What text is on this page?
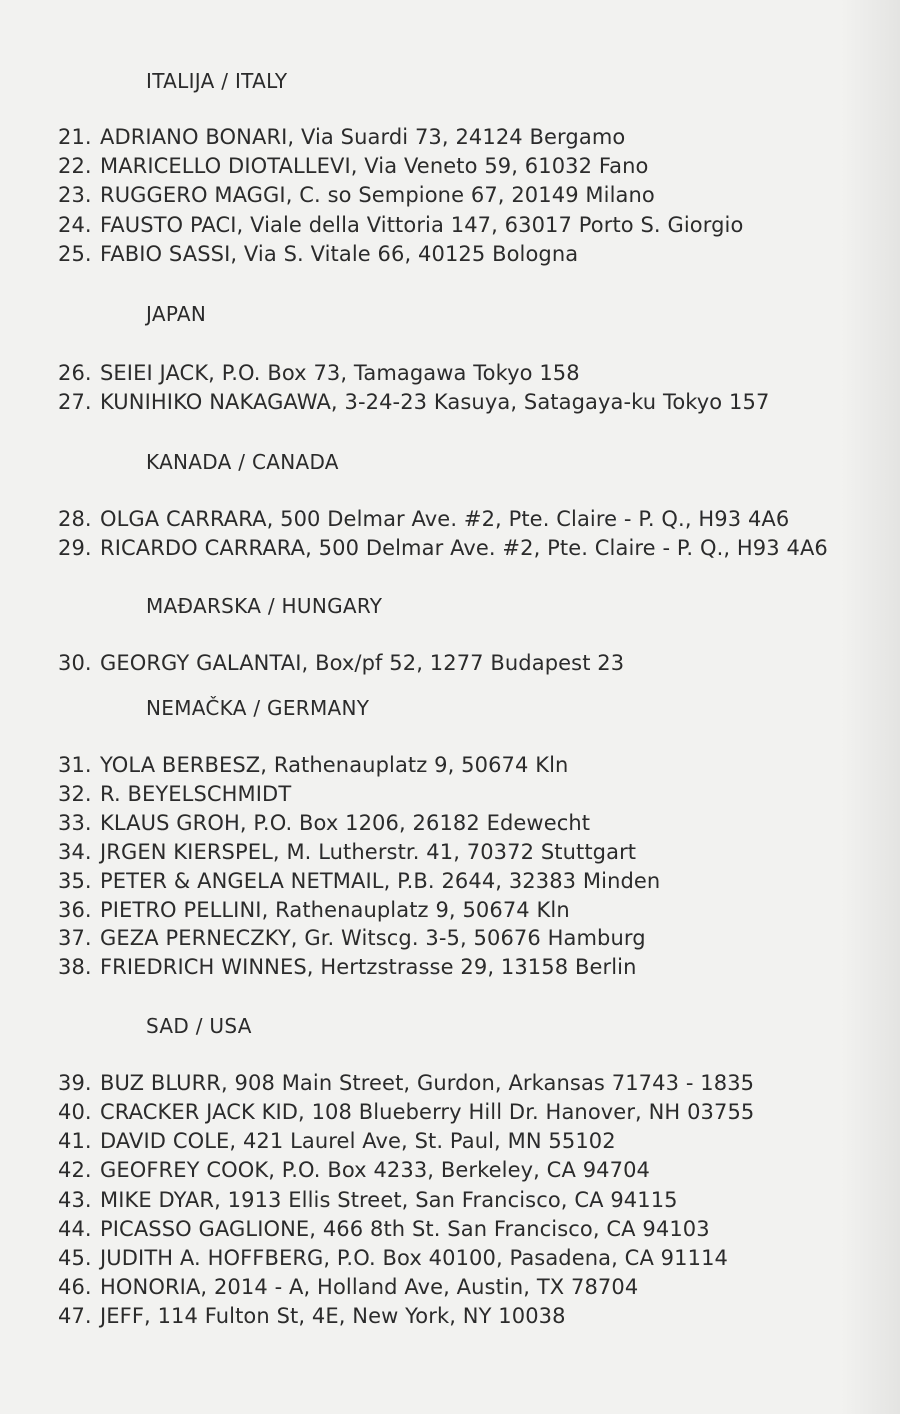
ITALIJA / ITALY
21. ADRIANO BONARI, Via Suardi 73, 24124 Bergamo
22. MARICELLO DIOTALLEVI, Via Veneto 59, 61032 Fano
23. RUGGERO MAGGI, C. so Sempione 67, 20149 Milano
24. FAUSTO PACI, Viale della Vittoria 147, 63017 Porto S. Giorgio
25. FABIO SASSI, Via S. Vitale 66, 40125 Bologna
JAPAN
26. SEIEI JACK, P.O. Box 73, Tamagawa Tokyo 158
27. KUNIHIKO NAKAGAWA, 3-24-23 Kasuya, Satagaya-ku Tokyo 157
KANADA / CANADA
28. OLGA CARRARA, 500 Delmar Ave. #2, Pte. Claire - P. Q., H93 4A6
29. RICARDO CARRARA, 500 Delmar Ave. #2, Pte. Claire - P. Q., H93 4A6
MAĐARSKA / HUNGARY
30. GEORGY GALANTAI, Box/pf 52, 1277 Budapest 23
NEMAČKA / GERMANY
31. YOLA BERBESZ, Rathenauplatz 9, 50674 Kln
32. R. BEYELSCHMIDT
33. KLAUS GROH, P.O. Box 1206, 26182 Edewecht
34. JRGEN KIERSPEL, M. Lutherstr. 41, 70372 Stuttgart
35. PETER & ANGELA NETMAIL, P.B. 2644, 32383 Minden
36. PIETRO PELLINI, Rathenauplatz 9, 50674 Kln
37. GEZA PERNECZKY, Gr. Witscg. 3-5, 50676 Hamburg
38. FRIEDRICH WINNES, Hertzstrasse 29, 13158 Berlin
SAD / USA
39. BUZ BLURR, 908 Main Street, Gurdon, Arkansas 71743 - 1835
40. CRACKER JACK KID, 108 Blueberry Hill Dr. Hanover, NH 03755
41. DAVID COLE, 421 Laurel Ave, St. Paul, MN 55102
42. GEOFREY COOK, P.O. Box 4233, Berkeley, CA 94704
43. MIKE DYAR, 1913 Ellis Street, San Francisco, CA 94115
44. PICASSO GAGLIONE, 466 8th St. San Francisco, CA 94103
45. JUDITH A. HOFFBERG, P.O. Box 40100, Pasadena, CA 91114
46. HONORIA, 2014 - A, Holland Ave, Austin, TX 78704
47. JEFF, 114 Fulton St, 4E, New York, NY 10038
